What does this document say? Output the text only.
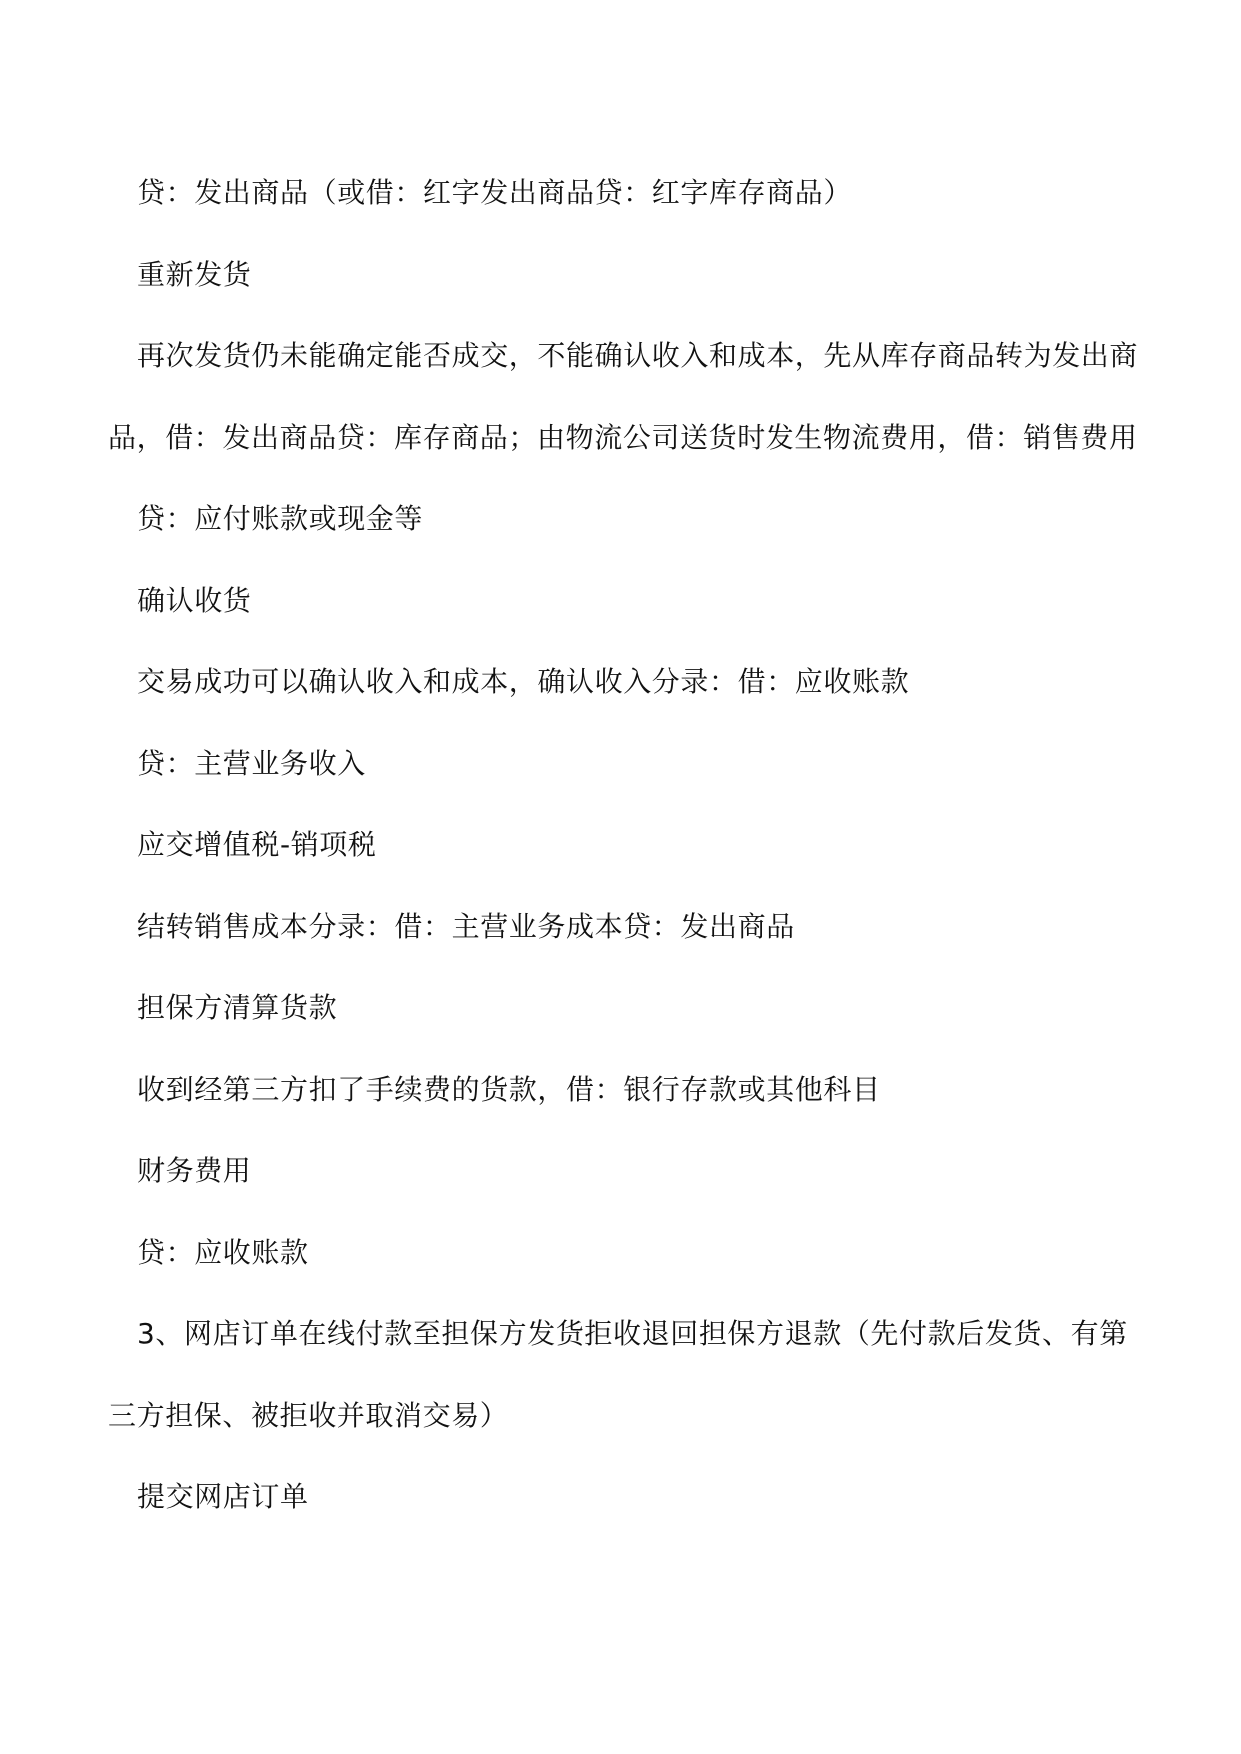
贷：发出商品（或借：红字发出商品贷：红字库存商品）

重新发货

再次发货仍未能确定能否成交，不能确认收入和成本，先从库存商品转为发出商品，借：发出商品贷：库存商品；由物流公司送货时发生物流费用，借：销售费用

贷：应付账款或现金等

确认收货

交易成功可以确认收入和成本，确认收入分录：借：应收账款

贷：主营业务收入

应交增值税-销项税

结转销售成本分录：借：主营业务成本贷：发出商品

担保方清算货款

收到经第三方扣了手续费的货款，借：银行存款或其他科目

财务费用

贷：应收账款

3、网店订单在线付款至担保方发货拒收退回担保方退款（先付款后发货、有第三方担保、被拒收并取消交易）

提交网店订单
